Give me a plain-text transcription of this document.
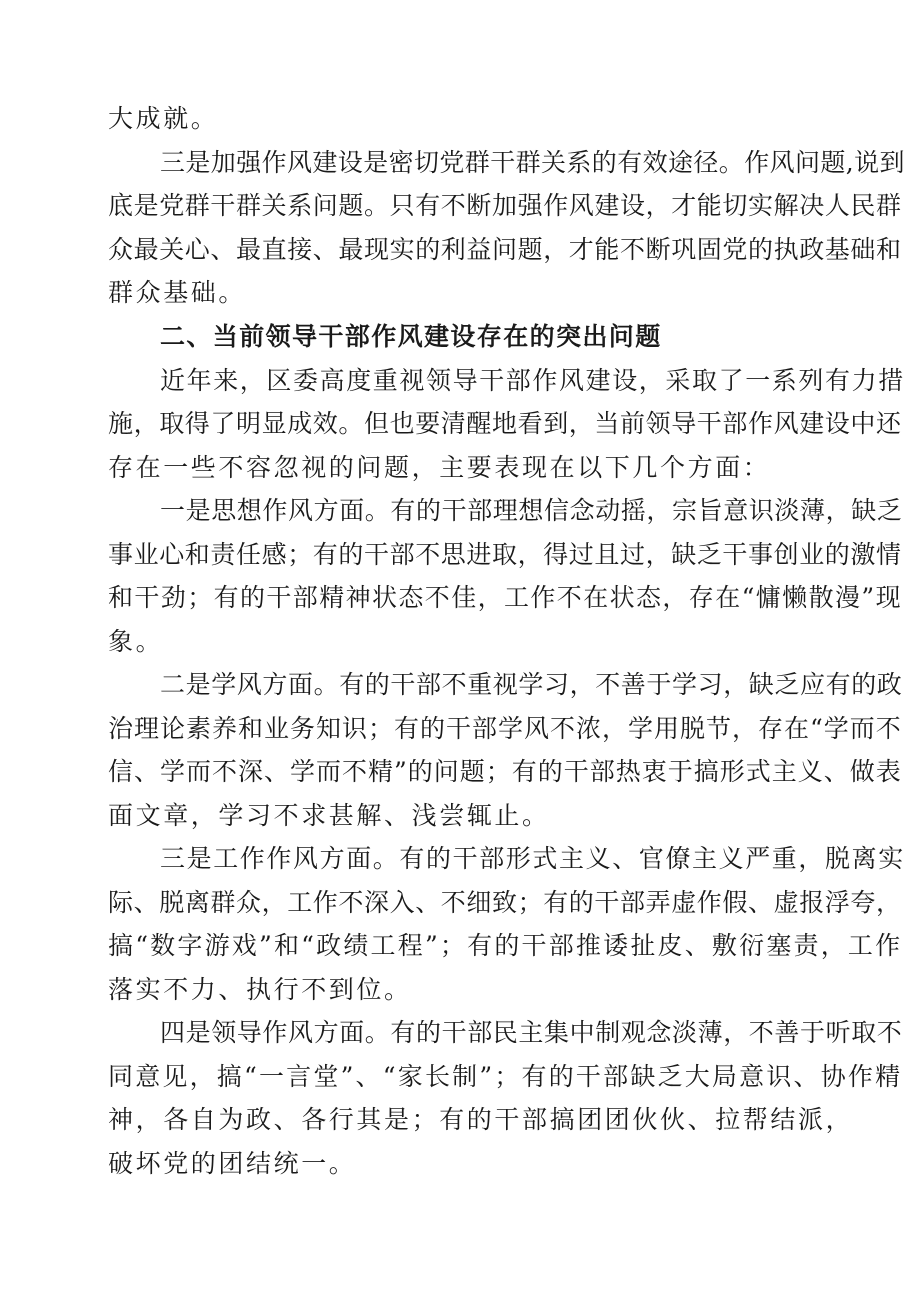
大成就。
三是加强作风建设是密切党群干群关系的有效途径。作风问题,说到
底是党群干群关系问题。只有不断加强作风建设，才能切实解决人民群
众最关心、最直接、最现实的利益问题，才能不断巩固党的执政基础和
群众基础。
二、当前领导干部作风建设存在的突出问题
近年来，区委高度重视领导干部作风建设，采取了一系列有力措
施，取得了明显成效。但也要清醒地看到，当前领导干部作风建设中还
存在一些不容忽视的问题，主要表现在以下几个方面：
一是思想作风方面。有的干部理想信念动摇，宗旨意识淡薄，缺乏
事业心和责任感；有的干部不思进取，得过且过，缺乏干事创业的激情
和干劲；有的干部精神状态不佳，工作不在状态，存在“慵懒散漫”现
象。
二是学风方面。有的干部不重视学习，不善于学习，缺乏应有的政
治理论素养和业务知识；有的干部学风不浓，学用脱节，存在“学而不
信、学而不深、学而不精”的问题；有的干部热衷于搞形式主义、做表
面文章，学习不求甚解、浅尝辄止。
三是工作作风方面。有的干部形式主义、官僚主义严重，脱离实
际、脱离群众，工作不深入、不细致；有的干部弄虚作假、虚报浮夸，
搞“数字游戏”和“政绩工程”；有的干部推诿扯皮、敷衍塞责，工作
落实不力、执行不到位。
四是领导作风方面。有的干部民主集中制观念淡薄，不善于听取不
同意见，搞“一言堂”、“家长制”；有的干部缺乏大局意识、协作精
神，各自为政、各行其是；有的干部搞团团伙伙、拉帮结派，
破坏党的团结统一。
